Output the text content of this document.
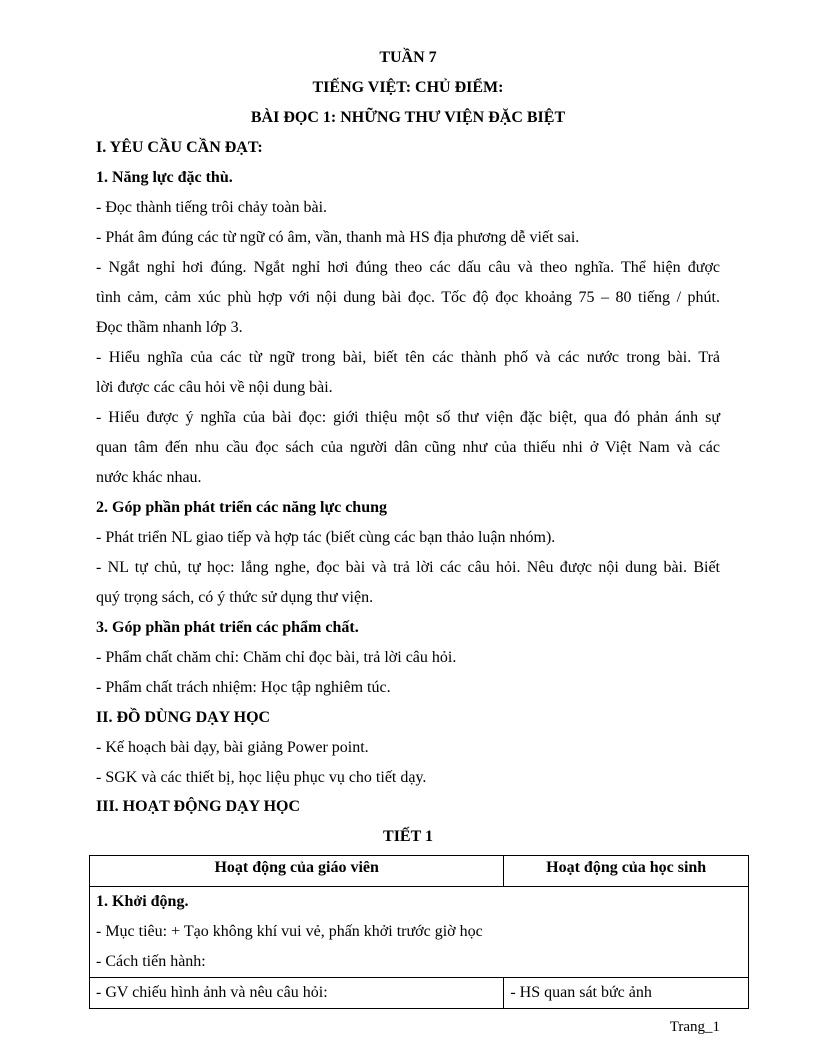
TUẦN 7
TIẾNG VIỆT: CHỦ ĐIỂM:
BÀI ĐỌC 1: NHỮNG THƯ VIỆN ĐẶC BIỆT
I. YÊU CẦU CẦN ĐẠT:
1. Năng lực đặc thù.
- Đọc thành tiếng trôi chảy toàn bài.
- Phát âm đúng các từ ngữ có âm, vần, thanh mà HS địa phương dễ viết sai.
- Ngắt nghỉ hơi đúng. Ngắt nghỉ hơi đúng theo các dấu câu và theo nghĩa. Thể hiện được
tình cảm, cảm xúc phù hợp với nội dung bài đọc. Tốc độ đọc khoảng 75 – 80 tiếng / phút.
Đọc thầm nhanh lớp 3.
- Hiểu nghĩa của các từ ngữ trong bài, biết tên các thành phố và các nước trong bài. Trả
lời được các câu hỏi về nội dung bài.
- Hiểu được ý nghĩa của bài đọc: giới thiệu một số thư viện đặc biệt, qua đó phản ánh sự
quan tâm đến nhu cầu đọc sách của người dân cũng như của thiếu nhi ở Việt Nam và các
nước khác nhau.
2. Góp phần phát triển các năng lực chung
- Phát triển NL giao tiếp và hợp tác (biết cùng các bạn thảo luận nhóm).
- NL tự chủ, tự học: lắng nghe, đọc bài và trả lời các câu hỏi. Nêu được nội dung bài. Biết
quý trọng sách, có ý thức sử dụng thư viện.
3. Góp phần phát triển các phẩm chất.
- Phẩm chất chăm chỉ: Chăm chỉ đọc bài, trả lời câu hỏi.
- Phẩm chất trách nhiệm: Học tập nghiêm túc.
II. ĐỒ DÙNG DẠY HỌC
- Kế hoạch bài dạy, bài giảng Power point.
- SGK và các thiết bị, học liệu phục vụ cho tiết dạy.
III. HOẠT ĐỘNG DẠY HỌC
TIẾT 1
Hoạt động của giáo viên	Hoạt động của học sinh

1. Khởi động.
- Mục tiêu: + Tạo không khí vui vẻ, phấn khởi trước giờ học
- Cách tiến hành:	

- GV chiếu hình ảnh và nêu câu hỏi:	- HS quan sát bức ảnh
Trang_1
